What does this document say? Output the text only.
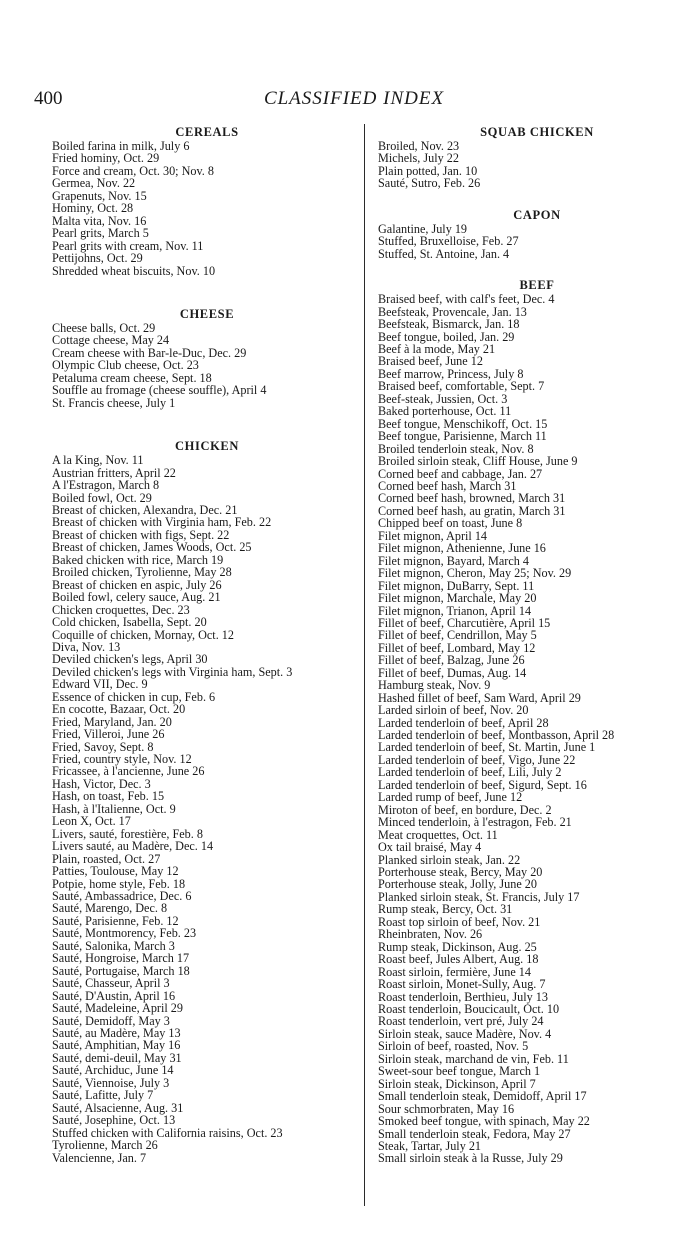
400	CLASSIFIED INDEX
CEREALS
Boiled farina in milk, July 6
Fried hominy, Oct. 29
Force and cream, Oct. 30; Nov. 8
Germea, Nov. 22
Grapenuts, Nov. 15
Hominy, Oct. 28
Malta vita, Nov. 16
Pearl grits, March 5
Pearl grits with cream, Nov. 11
Pettijohns, Oct. 29
Shredded wheat biscuits, Nov. 10
CHEESE
Cheese balls, Oct. 29
Cottage cheese, May 24
Cream cheese with Bar-le-Duc, Dec. 29
Olympic Club cheese, Oct. 23
Petaluma cream cheese, Sept. 18
Souffle au fromage (cheese souffle), April 4
St. Francis cheese, July 1
CHICKEN
A la King, Nov. 11
Austrian fritters, April 22
A l'Estragon, March 8
Boiled fowl, Oct. 29
Breast of chicken, Alexandra, Dec. 21
Breast of chicken with Virginia ham, Feb. 22
Breast of chicken with figs, Sept. 22
Breast of chicken, James Woods, Oct. 25
Baked chicken with rice, March 19
Broiled chicken, Tyrolienne, May 28
Breast of chicken en aspic, July 26
Boiled fowl, celery sauce, Aug. 21
Chicken croquettes, Dec. 23
Cold chicken, Isabella, Sept. 20
Coquille of chicken, Mornay, Oct. 12
Diva, Nov. 13
Deviled chicken's legs, April 30
Deviled chicken's legs with Virginia ham, Sept. 3
Edward VII, Dec. 9
Essence of chicken in cup, Feb. 6
En cocotte, Bazaar, Oct. 20
Fried, Maryland, Jan. 20
Fried, Villeroi, June 26
Fried, Savoy, Sept. 8
Fried, country style, Nov. 12
Fricassee, à l'ancienne, June 26
Hash, Victor, Dec. 3
Hash, on toast, Feb. 15
Hash, à l'Italienne, Oct. 9
Leon X, Oct. 17
Livers, sauté, forestière, Feb. 8
Livers sauté, au Madère, Dec. 14
Plain, roasted, Oct. 27
Patties, Toulouse, May 12
Potpie, home style, Feb. 18
Sauté, Ambassadrice, Dec. 6
Sauté, Marengo, Dec. 8
Sauté, Parisienne, Feb. 12
Sauté, Montmorency, Feb. 23
Sauté, Salonika, March 3
Sauté, Hongroise, March 17
Sauté, Portugaise, March 18
Sauté, Chasseur, April 3
Sauté, D'Austin, April 16
Sauté, Madeleine, April 29
Sauté, Demidoff, May 3
Sauté, au Madère, May 13
Sauté, Amphitian, May 16
Sauté, demi-deuil, May 31
Sauté, Archiduc, June 14
Sauté, Viennoise, July 3
Sauté, Lafitte, July 7
Sauté, Alsacienne, Aug. 31
Sauté, Josephine, Oct. 13
Stuffed chicken with California raisins, Oct. 23
Tyrolienne, March 26
Valencienne, Jan. 7
SQUAB CHICKEN
Broiled, Nov. 23
Michels, July 22
Plain potted, Jan. 10
Sauté, Sutro, Feb. 26
CAPON
Galantine, July 19
Stuffed, Bruxelloise, Feb. 27
Stuffed, St. Antoine, Jan. 4
BEEF
Braised beef, with calf's feet, Dec. 4
Beefsteak, Provencale, Jan. 13
Beefsteak, Bismarck, Jan. 18
Beef tongue, boiled, Jan. 29
Beef à la mode, May 21
Braised beef, June 12
Beef marrow, Princess, July 8
Braised beef, comfortable, Sept. 7
Beef-steak, Jussien, Oct. 3
Baked porterhouse, Oct. 11
Beef tongue, Menschikoff, Oct. 15
Beef tongue, Parisienne, March 11
Broiled tenderloin steak, Nov. 8
Broiled sirloin steak, Cliff House, June 9
Corned beef and cabbage, Jan. 27
Corned beef hash, March 31
Corned beef hash, browned, March 31
Corned beef hash, au gratin, March 31
Chipped beef on toast, June 8
Filet mignon, April 14
Filet mignon, Athenienne, June 16
Filet mignon, Bayard, March 4
Filet mignon, Cheron, May 25; Nov. 29
Filet mignon, DuBarry, Sept. 11
Filet mignon, Marchale, May 20
Filet mignon, Trianon, April 14
Fillet of beef, Charcutière, April 15
Fillet of beef, Cendrillon, May 5
Fillet of beef, Lombard, May 12
Fillet of beef, Balzag, June 26
Fillet of beef, Dumas, Aug. 14
Hamburg steak, Nov. 9
Hashed fillet of beef, Sam Ward, April 29
Larded sirloin of beef, Nov. 20
Larded tenderloin of beef, April 28
Larded tenderloin of beef, Montbasson, April 28
Larded tenderloin of beef, St. Martin, June 1
Larded tenderloin of beef, Vigo, June 22
Larded tenderloin of beef, Lili, July 2
Larded tenderloin of beef, Sigurd, Sept. 16
Larded rump of beef, June 12
Miroton of beef, en bordure, Dec. 2
Minced tenderloin, à l'estragon, Feb. 21
Meat croquettes, Oct. 11
Ox tail braisé, May 4
Planked sirloin steak, Jan. 22
Porterhouse steak, Bercy, May 20
Porterhouse steak, Jolly, June 20
Planked sirloin steak, St. Francis, July 17
Rump steak, Bercy, Oct. 31
Roast top sirloin of beef, Nov. 21
Rheinbraten, Nov. 26
Rump steak, Dickinson, Aug. 25
Roast beef, Jules Albert, Aug. 18
Roast sirloin, fermière, June 14
Roast sirloin, Monet-Sully, Aug. 7
Roast tenderloin, Berthieu, July 13
Roast tenderloin, Boucicault, Oct. 10
Roast tenderloin, vert pré, July 24
Sirloin steak, sauce Madère, Nov. 4
Sirloin of beef, roasted, Nov. 5
Sirloin steak, marchand de vin, Feb. 11
Sweet-sour beef tongue, March 1
Sirloin steak, Dickinson, April 7
Small tenderloin steak, Demidoff, April 17
Sour schmorbraten, May 16
Smoked beef tongue, with spinach, May 22
Small tenderloin steak, Fedora, May 27
Steak, Tartar, July 21
Small sirloin steak à la Russe, July 29
